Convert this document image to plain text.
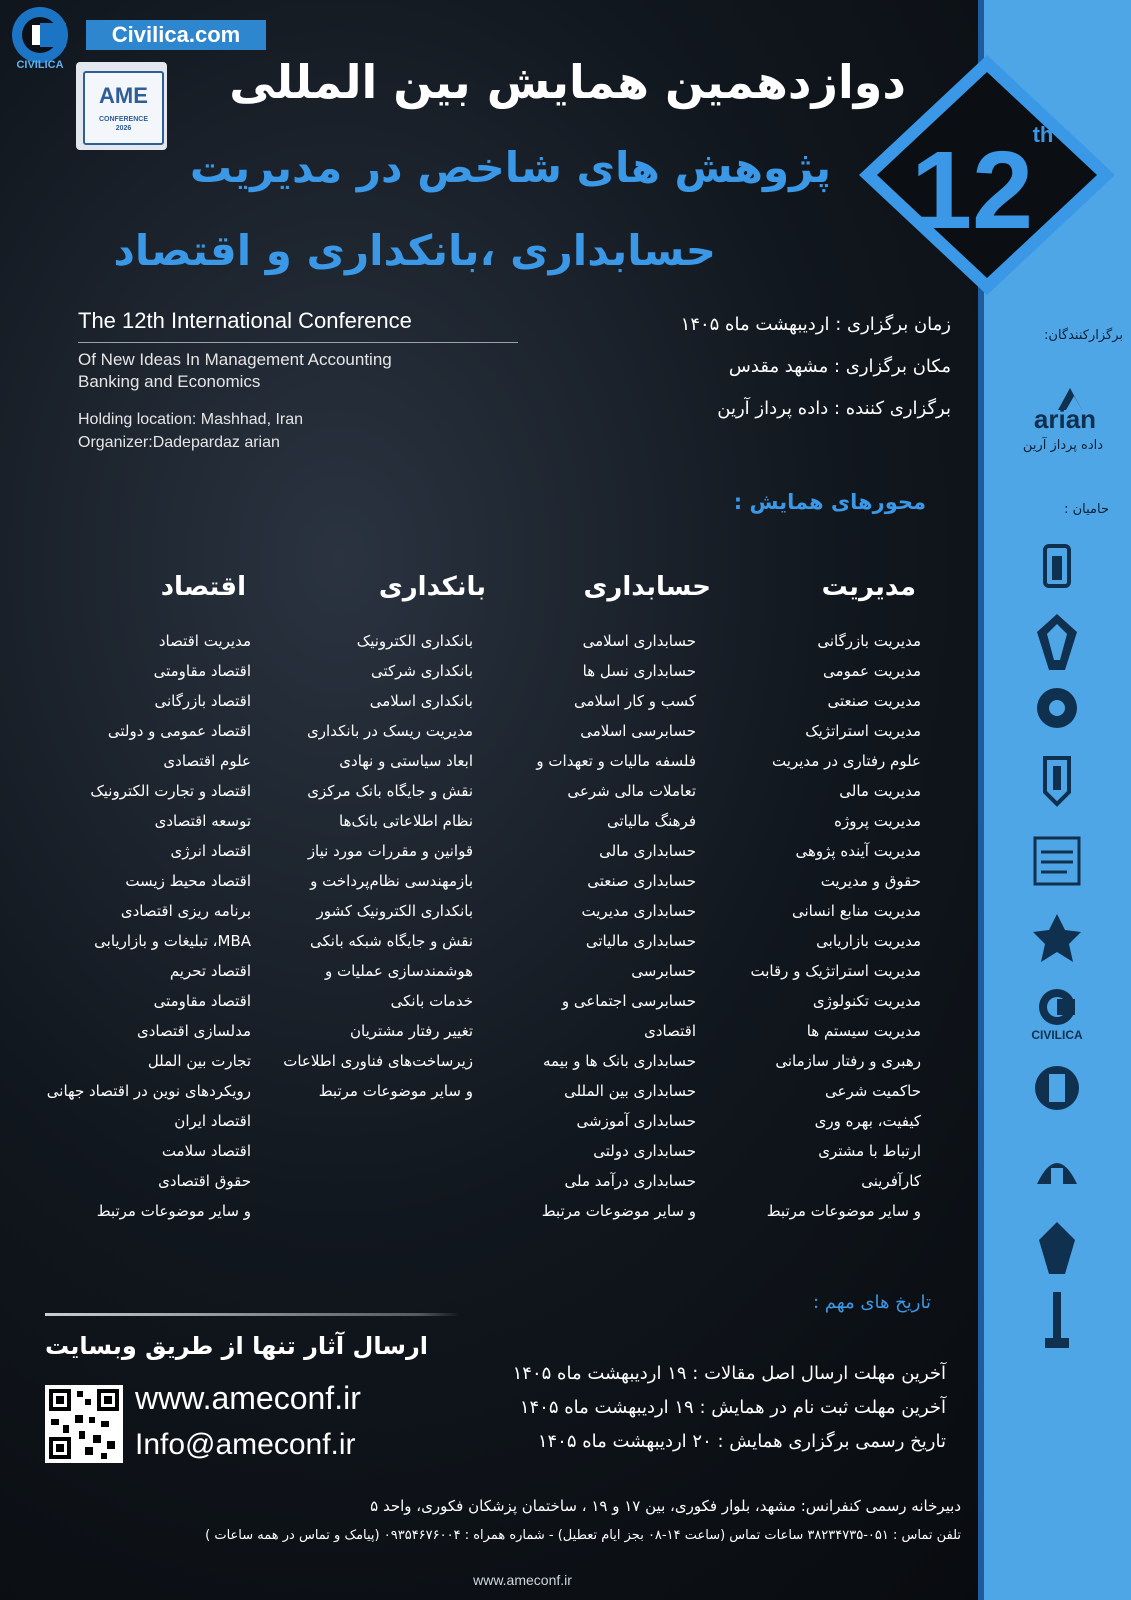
CIVILICA
Civilica.com
AME
CONFERENCE
2026
دوازدهمین همایش بین المللی
پژوهش های شاخص در مدیریت
حسابداری ،بانکداری و اقتصاد 12 th
The 12th International Conference
Of New Ideas In Management Accounting
Banking and Economics
Holding location: Mashhad, Iran
Organizer:Dadepardaz arian
زمان برگزاری : اردیبهشت ماه ۱۴۰۵
مکان برگزاری : مشهد مقدس
برگزاری کننده : داده پرداز آرین
محورهای همایش :
مدیریت
حسابداری
بانکداری
اقتصاد
مدیریت بازرگانی
مدیریت عمومی
مدیریت صنعتی
مدیریت استراتژیک
علوم رفتاری در مدیریت
مدیریت مالی
مدیریت پروژه
مدیریت آینده پژوهی
حقوق و مدیریت
مدیریت منابع انسانی
مدیریت بازاریابی
مدیریت استراتژیک و رقابت
مدیریت تکنولوژی
مدیریت سیستم ها
رهبری و رفتار سازمانی
حاکمیت شرعی
کیفیت، بهره وری
ارتباط با مشتری
کارآفرینی
و سایر موضوعات مرتبط
حسابداری اسلامی
حسابداری نسل ها
کسب و کار اسلامی
حسابرسی اسلامی
فلسفه مالیات و تعهدات و
تعاملات مالی شرعی
فرهنگ مالیاتی
حسابداری مالی
حسابداری صنعتی
حسابداری مدیریت
حسابداری مالیاتی
حسابرسی
حسابرسی اجتماعی و
اقتصادی
حسابداری بانک ها و بیمه
حسابداری بین المللی
حسابداری آموزشی
حسابداری دولتی
حسابداری درآمد ملی
و سایر موضوعات مرتبط
بانکداری الکترونیک
بانکداری شرکتی
بانکداری اسلامی
مدیریت ریسک در بانکداری
ابعاد سیاستی و نهادی
نقش و جایگاه بانک مرکزی
نظام اطلاعاتی بانک‌ها
قوانین و مقررات مورد نیاز
بازمهندسی نظام‌پرداخت و
بانکداری الکترونیک کشور
نقش و جایگاه شبکه بانکی
هوشمندسازی عملیات و
خدمات بانکی
تغییر رفتار مشتریان
زیرساخت‌های فناوری اطلاعات
و سایر موضوعات مرتبط
مدیریت اقتصاد
اقتصاد مقاومتی
اقتصاد بازرگانی
اقتصاد عمومی و دولتی
علوم اقتصادی
اقتصاد و تجارت الکترونیک
توسعه اقتصادی
اقتصاد انرژی
اقتصاد محیط زیست
برنامه ریزی اقتصادی
MBA، تبلیغات و بازاریابی
اقتصاد تحریم
اقتصاد مقاومتی
مدلسازی اقتصادی
تجارت بین الملل
رویکردهای نوین در اقتصاد جهانی
اقتصاد ایران
اقتصاد سلامت
حقوق اقتصادی
و سایر موضوعات مرتبط
برگزارکنندگان:
arian
داده پرداز آرین
حامیان :
CIVILICA
تاریخ های مهم :
ارسال آثار تنها از طریق وبسایت
آخرین مهلت ارسال اصل مقالات : ۱۹ اردیبهشت ماه ۱۴۰۵
آخرین مهلت ثبت نام در همایش : ۱۹ اردیبهشت ماه ۱۴۰۵
تاریخ رسمی برگزاری همایش : ۲۰ اردیبهشت ماه ۱۴۰۵
www.ameconf.ir
Info@ameconf.ir
دبیرخانه رسمی کنفرانس: مشهد، بلوار فکوری، بین ۱۷ و ۱۹ ، ساختمان پزشکان فکوری، واحد ۵
تلفن تماس : ۰۵۱-۳۸۲۳۴۷۳۵ ساعات تماس (ساعت ۱۴-۰۸ بجز ایام تعطیل) - شماره همراه : ۰۹۳۵۴۶۷۶۰۰۴ (پیامک و تماس در همه ساعات )
www.ameconf.ir
